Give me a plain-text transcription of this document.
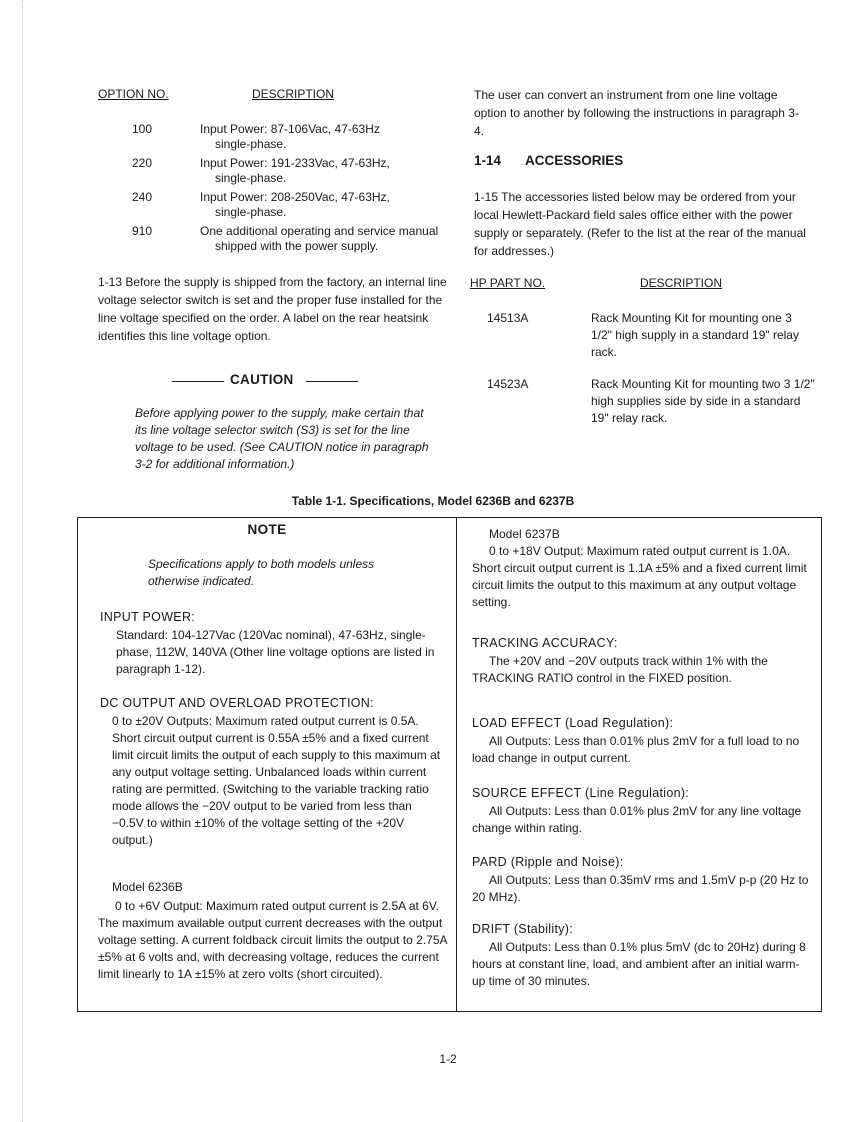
OPTION NO.	DESCRIPTION
100	Input Power: 87-106Vac, 47-63Hz
single-phase.
220	Input Power: 191-233Vac, 47-63Hz,
single-phase.
240	Input Power: 208-250Vac, 47-63Hz,
single-phase.
910	One additional operating and service manual
shipped with the power supply.

1-13 Before the supply is shipped from the factory, an internal line voltage selector switch is set and the proper fuse installed for the line voltage specified on the order. A label on the rear heatsink identifies this line voltage option.

CAUTION

Before applying power to the supply, make certain that its line voltage selector switch (S3) is set for the line voltage to be used. (See CAUTION notice in paragraph 3-2 for additional information.)

The user can convert an instrument from one line voltage option to another by following the instructions in paragraph 3-4.

1-14 ACCESSORIES

1-15 The accessories listed below may be ordered from your local Hewlett-Packard field sales office either with the power supply or separately. (Refer to the list at the rear of the manual for addresses.)

HP PART NO.	DESCRIPTION
14513A	Rack Mounting Kit for mounting one 3 1/2" high supply in a standard 19" relay rack.
14523A	Rack Mounting Kit for mounting two 3 1/2" high supplies side by side in a standard 19" relay rack.
Table 1-1. Specifications, Model 6236B and 6237B
NOTE

Specifications apply to both models unless otherwise indicated.

INPUT POWER:

Standard: 104-127Vac (120Vac nominal), 47-63Hz, single-phase, 112W, 140VA (Other line voltage options are listed in paragraph 1-12).

DC OUTPUT AND OVERLOAD PROTECTION:

0 to ±20V Outputs: Maximum rated output current is 0.5A. Short circuit output current is 0.55A ±5% and a fixed current limit circuit limits the output of each supply to this maximum at any output voltage setting. Unbalanced loads within current rating are permitted. (Switching to the variable tracking ratio mode allows the −20V output to be varied from less than −0.5V to within ±10% of the voltage setting of the +20V output.)

Model 6236B

0 to +6V Output: Maximum rated output current is 2.5A at 6V. The maximum available output current decreases with the output voltage setting. A current foldback circuit limits the output to 2.75A ±5% at 6 volts and, with decreasing voltage, reduces the current limit linearly to 1A ±15% at zero volts (short circuited).

Model 6237B

0 to +18V Output: Maximum rated output current is 1.0A. Short circuit output current is 1.1A ±5% and a fixed current limit circuit limits the output to this maximum at any output voltage setting.

TRACKING ACCURACY:

The +20V and −20V outputs track within 1% with the TRACKING RATIO control in the FIXED position.

LOAD EFFECT (Load Regulation):

All Outputs: Less than 0.01% plus 2mV for a full load to no load change in output current.

SOURCE EFFECT (Line Regulation):

All Outputs: Less than 0.01% plus 2mV for any line voltage change within rating.

PARD (Ripple and Noise):

All Outputs: Less than 0.35mV rms and 1.5mV p-p (20 Hz to 20 MHz).

DRIFT (Stability):

All Outputs: Less than 0.1% plus 5mV (dc to 20Hz) during 8 hours at constant line, load, and ambient after an initial warm-up time of 30 minutes.

1-2
